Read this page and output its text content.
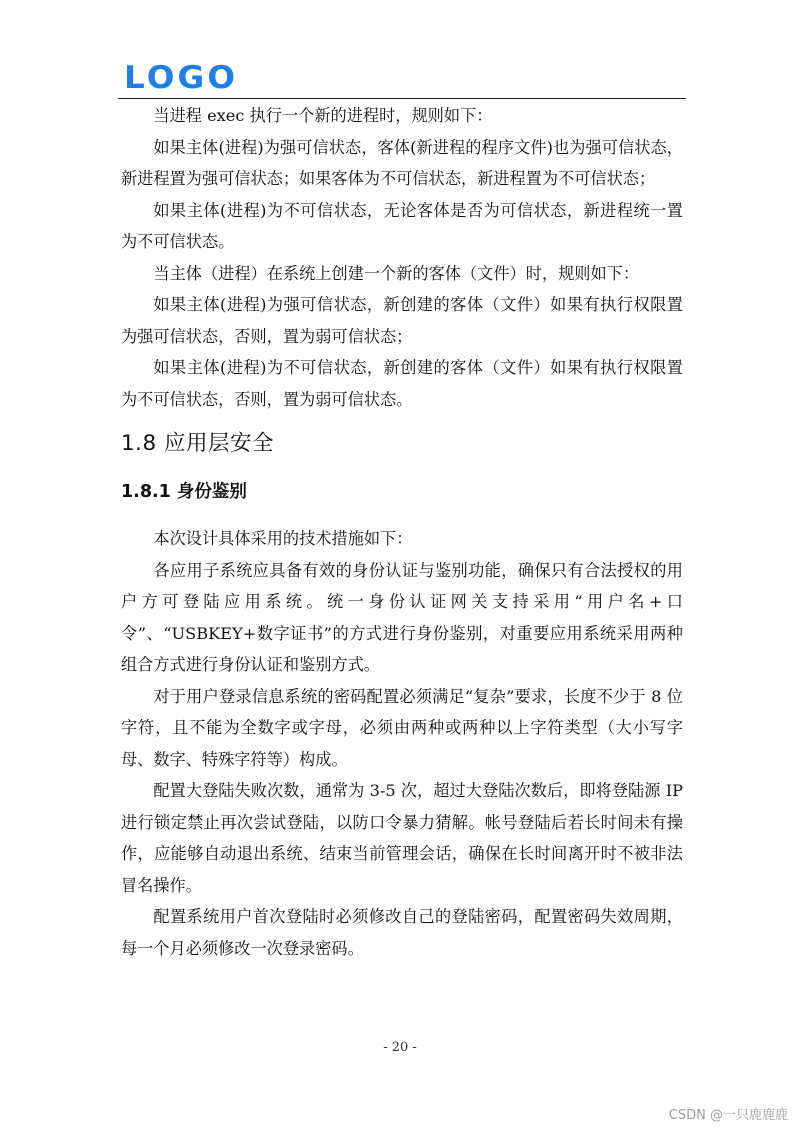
LOGO

当进程 exec 执行一个新的进程时，规则如下：

如果主体(进程)为强可信状态，客体(新进程的程序文件)也为强可信状态，新进程置为强可信状态；如果客体为不可信状态，新进程置为不可信状态；

如果主体(进程)为不可信状态，无论客体是否为可信状态，新进程统一置为不可信状态。

当主体（进程）在系统上创建一个新的客体（文件）时，规则如下：

如果主体(进程)为强可信状态，新创建的客体（文件）如果有执行权限置为强可信状态，否则，置为弱可信状态；

如果主体(进程)为不可信状态，新创建的客体（文件）如果有执行权限置为不可信状态，否则，置为弱可信状态。

1.8 应用层安全
1.8.1 身份鉴别

本次设计具体采用的技术措施如下：

各应用子系统应具备有效的身份认证与鉴别功能，确保只有合法授权的用户方可登陆应用系统。统一身份认证网关支持采用“用户名+口令”、“USBKEY+数字证书”的方式进行身份鉴别，对重要应用系统采用两种组合方式进行身份认证和鉴别方式。

对于用户登录信息系统的密码配置必须满足“复杂”要求，长度不少于 8 位字符，且不能为全数字或字母，必须由两种或两种以上字符类型（大小写字母、数字、特殊字符等）构成。

配置大登陆失败次数，通常为 3-5 次，超过大登陆次数后，即将登陆源 IP 进行锁定禁止再次尝试登陆，以防口令暴力猜解。帐号登陆后若长时间未有操作，应能够自动退出系统、结束当前管理会话，确保在长时间离开时不被非法冒名操作。

配置系统用户首次登陆时必须修改自己的登陆密码，配置密码失效周期，每一个月必须修改一次登录密码。

- 20 -
CSDN @一只鹿鹿鹿
